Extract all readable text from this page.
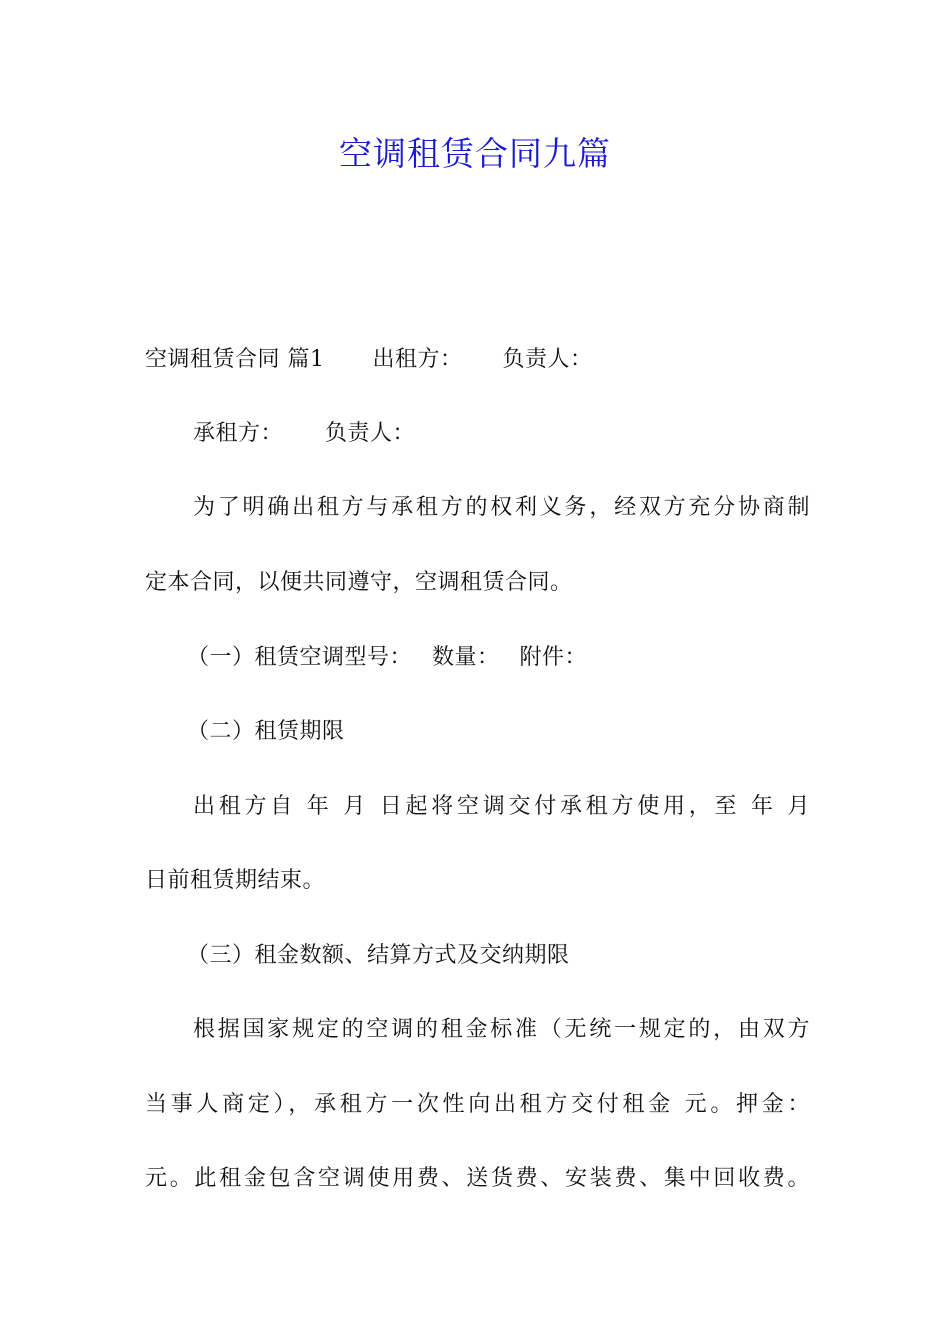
空调租赁合同九篇
空调租赁合同 篇1 出租方： 负责人：
承租方： 负责人：
为了明确出租方与承租方的权利义务，经双方充分协商制
定本合同，以便共同遵守，空调租赁合同。
（一）租赁空调型号： 数量： 附件：
（二）租赁期限
出租方自 年 月 日起将空调交付承租方使用，至 年 月
日前租赁期结束。
（三）租金数额、结算方式及交纳期限
根据国家规定的空调的租金标准（无统一规定的，由双方
当事人商定），承租方一次性向出租方交付租金 元。押金：
元。此租金包含空调使用费、送货费、安装费、集中回收费。
